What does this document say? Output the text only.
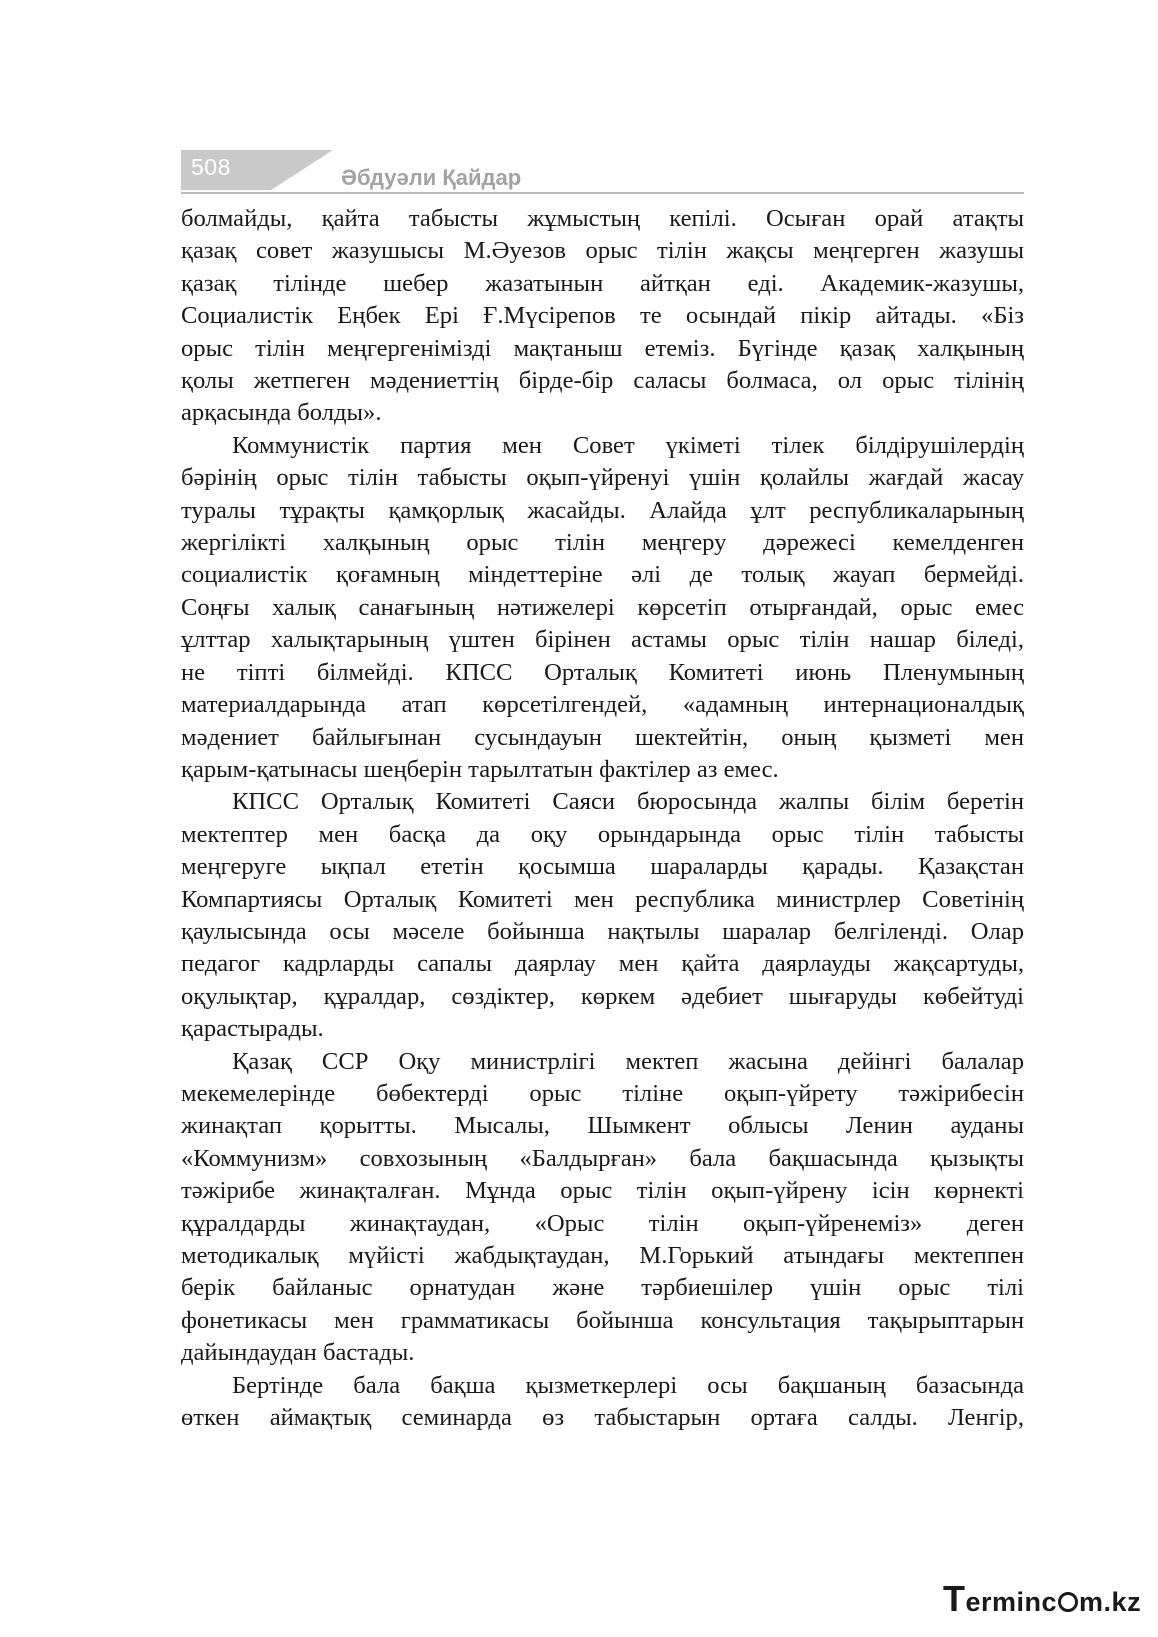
508	Әбдуәли Қайдар
болмайды, қайта табысты жұмыстың кепілі. Осыған орай атақты
қазақ совет жазушысы М.Әуезов орыс тілін жақсы меңгерген жазушы
қазақ тілінде шебер жазатынын айтқан еді. Академик-жазушы,
Социалистік Еңбек Ері Ғ.Мүсірепов те осындай пікір айтады. «Біз
орыс тілін меңгергенімізді мақтаныш етеміз. Бүгінде қазақ халқының
қолы жетпеген мәдениеттің бірде-бір саласы болмаса, ол орыс тілінің
арқасында болды».
Коммунистік партия мен Совет үкіметі тілек білдірушілердің
бәрінің орыс тілін табысты оқып-үйренуі үшін қолайлы жағдай жасау
туралы тұрақты қамқорлық жасайды. Алайда ұлт республикаларының
жергілікті халқының орыс тілін меңгеру дәрежесі кемелденген
социалистік қоғамның міндеттеріне әлі де толық жауап бермейді.
Соңғы халық санағының нәтижелері көрсетіп отырғандай, орыс емес
ұлттар халықтарының үштен бірінен астамы орыс тілін нашар біледі,
не тіпті білмейді. КПСС Орталық Комитеті июнь Пленумының
материалдарында атап көрсетілгендей, «адамның интернационалдық
мәдениет байлығынан сусындауын шектейтін, оның қызметі мен
қарым-қатынасы шеңберін тарылтатын фактілер аз емес.
КПСС Орталық Комитеті Саяси бюросында жалпы білім беретін
мектептер мен басқа да оқу орындарында орыс тілін табысты
меңгеруге ықпал ететін қосымша шараларды қарады. Қазақстан
Компартиясы Орталық Комитеті мен республика министрлер Советінің
қаулысында осы мәселе бойынша нақтылы шаралар белгіленді. Олар
педагог кадрларды сапалы даярлау мен қайта даярлауды жақсартуды,
оқулықтар, құралдар, сөздіктер, көркем әдебиет шығаруды көбейтуді
қарастырады.
Қазақ ССР Оқу министрлігі мектеп жасына дейінгі балалар
мекемелерінде бөбектерді орыс тіліне оқып-үйрету тәжірибесін
жинақтап қорытты. Мысалы, Шымкент облысы Ленин ауданы
«Коммунизм» совхозының «Балдырған» бала бақшасында қызықты
тәжірибе жинақталған. Мұнда орыс тілін оқып-үйрену ісін көрнекті
құралдарды жинақтаудан, «Орыс тілін оқып-үйренеміз» деген
методикалық мүйісті жабдықтаудан, М.Горький атындағы мектеппен
берік байланыс орнатудан және тәрбиешілер үшін орыс тілі
фонетикасы мен грамматикасы бойынша консультация тақырыптарын
дайындаудан бастады.
Бертінде бала бақша қызметкерлері осы бақшаның базасында
өткен аймақтық семинарда өз табыстарын ортаға салды. Ленгір,
Terminc m.kz
